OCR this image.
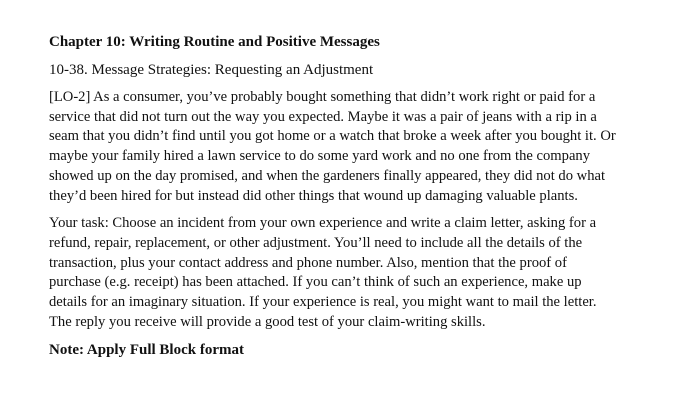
Chapter 10: Writing Routine and Positive Messages
10-38. Message Strategies: Requesting an Adjustment
[LO-2] As a consumer, you’ve probably bought something that didn’t work right or paid for a
service that did not turn out the way you expected. Maybe it was a pair of jeans with a rip in a
seam that you didn’t find until you got home or a watch that broke a week after you bought it. Or
maybe your family hired a lawn service to do some yard work and no one from the company
showed up on the day promised, and when the gardeners finally appeared, they did not do what
they’d been hired for but instead did other things that wound up damaging valuable plants.
Your task: Choose an incident from your own experience and write a claim letter, asking for a
refund, repair, replacement, or other adjustment. You’ll need to include all the details of the
transaction, plus your contact address and phone number. Also, mention that the proof of
purchase (e.g. receipt) has been attached. If you can’t think of such an experience, make up
details for an imaginary situation. If your experience is real, you might want to mail the letter.
The reply you receive will provide a good test of your claim-writing skills.
Note: Apply Full Block format
